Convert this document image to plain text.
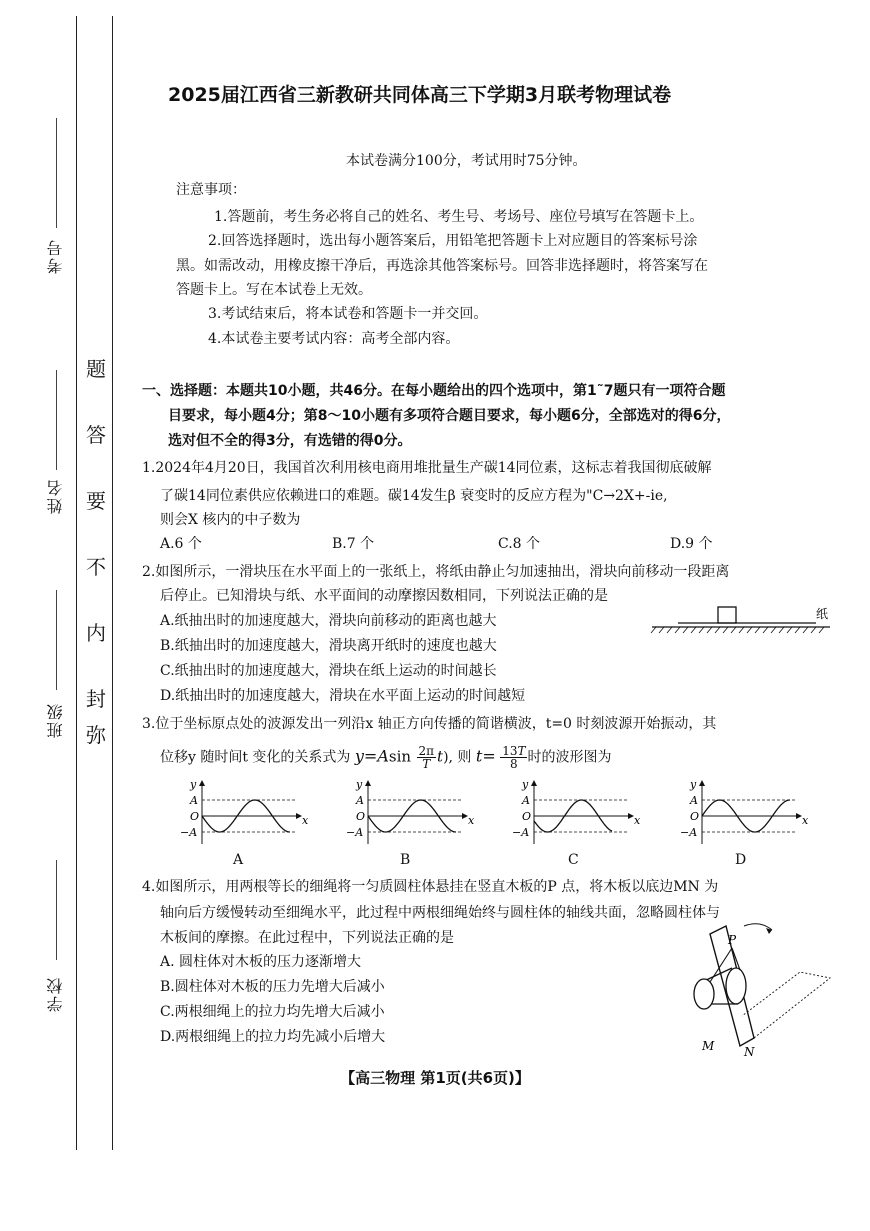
考号
姓名
班级
学校
题
答
要
不
内
封
弥
2025届江西省三新教研共同体高三下学期3月联考物理试卷
本试卷满分100分，考试用时75分钟。
注意事项：
1.答题前，考生务必将自己的姓名、考生号、考场号、座位号填写在答题卡上。
2.回答选择题时，选出每小题答案后，用铅笔把答题卡上对应题目的答案标号涂
黑。如需改动，用橡皮擦干净后，再选涂其他答案标号。回答非选择题时，将答案写在
答题卡上。写在本试卷上无效。
3.考试结束后，将本试卷和答题卡一并交回。
4.本试卷主要考试内容：高考全部内容。
一、选择题：本题共10小题，共46分。在每小题给出的四个选项中，第1˜7题只有一项符合题
目要求，每小题4分；第8～10小题有多项符合题目要求，每小题6分，全部选对的得6分，
选对但不全的得3分，有选错的得0分。
1.2024年4月20日，我国首次利用核电商用堆批量生产碳14同位素，这标志着我国彻底破解
了碳14同位素供应依赖进口的难题。碳14发生β 衰变时的反应方程为"C→2X+-ie,
则会X 核内的中子数为
A.6 个	B.7 个	C.8 个	D.9 个
2.如图所示，一滑块压在水平面上的一张纸上，将纸由静止匀加速抽出，滑块向前移动一段距离
后停止。已知滑块与纸、水平面间的动摩擦因数相同，下列说法正确的是
A.纸抽出时的加速度越大，滑块向前移动的距离也越大
B.纸抽出时的加速度越大，滑块离开纸时的速度也越大
C.纸抽出时的加速度越大，滑块在纸上运动的时间越长
D.纸抽出时的加速度越大，滑块在水平面上运动的时间越短
纸
3.位于坐标原点处的波源发出一列沿x 轴正方向传播的简谐横波，t=0 时刻波源开始振动，其
位移y 随时间t 变化的关系式为 $y=Asin \frac{2\pi}{T} t$), 则 $t= \frac{13T}{8}$ 时的波形图为
y
A
O
−A
x
y
A
O
−A
x
y
A
O
−A
x
y
A
O
−A
x
A	B	C	D
4.如图所示，用两根等长的细绳将一匀质圆柱体悬挂在竖直木板的P 点，将木板以底边MN 为
轴向后方缓慢转动至细绳水平，此过程中两根细绳始终与圆柱体的轴线共面，忽略圆柱体与
木板间的摩擦。在此过程中，下列说法正确的是
A. 圆柱体对木板的压力逐渐增大
B.圆柱体对木板的压力先增大后减小
C.两根细绳上的拉力均先增大后减小
D.两根细绳上的拉力均先减小后增大
P
M N
【高三物理 第1页(共6页)】
